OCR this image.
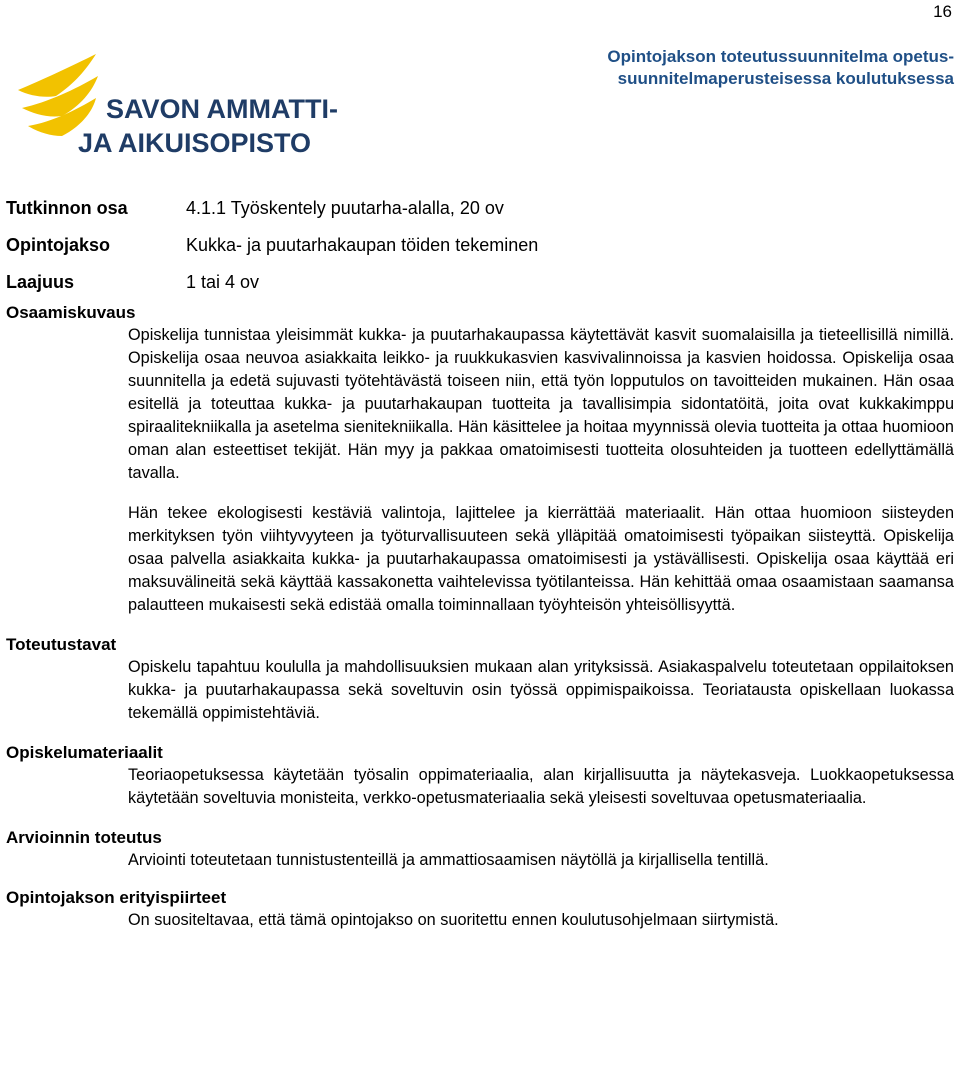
16
Opintojakson toteutussuunnitelma opetus-
suunnitelmaperusteisessa koulutuksessa
SAVON AMMATTI-
JA AIKUISOPISTO
Tutkinnon osa	4.1.1 Työskentely puutarha-alalla, 20 ov
Opintojakso	Kukka- ja puutarhakaupan töiden tekeminen
Laajuus	1 tai 4 ov
Osaamiskuvaus

Opiskelija tunnistaa yleisimmät kukka- ja puutarhakaupassa käytettävät kasvit suomalaisilla ja tieteellisillä nimillä. Opiskelija osaa neuvoa asiakkaita leikko- ja ruukkukasvien kasvivalinnoissa ja kasvien hoidossa. Opiskelija osaa suunnitella ja edetä sujuvasti työtehtävästä toiseen niin, että työn lopputulos on tavoitteiden mukainen. Hän osaa esitellä ja toteuttaa kukka- ja puutarhakaupan tuotteita ja tavallisimpia sidontatöitä, joita ovat kukkakimppu spiraalitekniikalla ja asetelma sienitekniikalla. Hän käsittelee ja hoitaa myynnissä olevia tuotteita ja ottaa huomioon oman alan esteettiset tekijät. Hän myy ja pakkaa omatoimisesti tuotteita olosuhteiden ja tuotteen edellyttämällä tavalla.

Hän tekee ekologisesti kestäviä valintoja, lajittelee ja kierrättää materiaalit. Hän ottaa huomioon siisteyden merkityksen työn viihtyvyyteen ja työturvallisuuteen sekä ylläpitää omatoimisesti työpaikan siisteyttä. Opiskelija osaa palvella asiakkaita kukka- ja puutarhakaupassa omatoimisesti ja ystävällisesti. Opiskelija osaa käyttää eri maksuvälineitä sekä käyttää kassakonetta vaihtelevissa työtilanteissa. Hän kehittää omaa osaamistaan saamansa palautteen mukaisesti sekä edistää omalla toiminnallaan työyhteisön yhteisöllisyyttä.

Toteutustavat

Opiskelu tapahtuu koululla ja mahdollisuuksien mukaan alan yrityksissä. Asiakaspalvelu toteutetaan oppilaitoksen kukka- ja puutarhakaupassa sekä soveltuvin osin työssä oppimispaikoissa. Teoriatausta opiskellaan luokassa tekemällä oppimistehtäviä.

Opiskelumateriaalit

Teoriaopetuksessa käytetään työsalin oppimateriaalia, alan kirjallisuutta ja näytekasveja. Luokkaopetuksessa käytetään soveltuvia monisteita, verkko-opetusmateriaalia sekä yleisesti soveltuvaa opetusmateriaalia.

Arvioinnin toteutus

Arviointi toteutetaan tunnistustenteillä ja ammattiosaamisen näytöllä ja kirjallisella tentillä.

Opintojakson erityispiirteet

On suositeltavaa, että tämä opintojakso on suoritettu ennen koulutusohjelmaan siirtymistä.
